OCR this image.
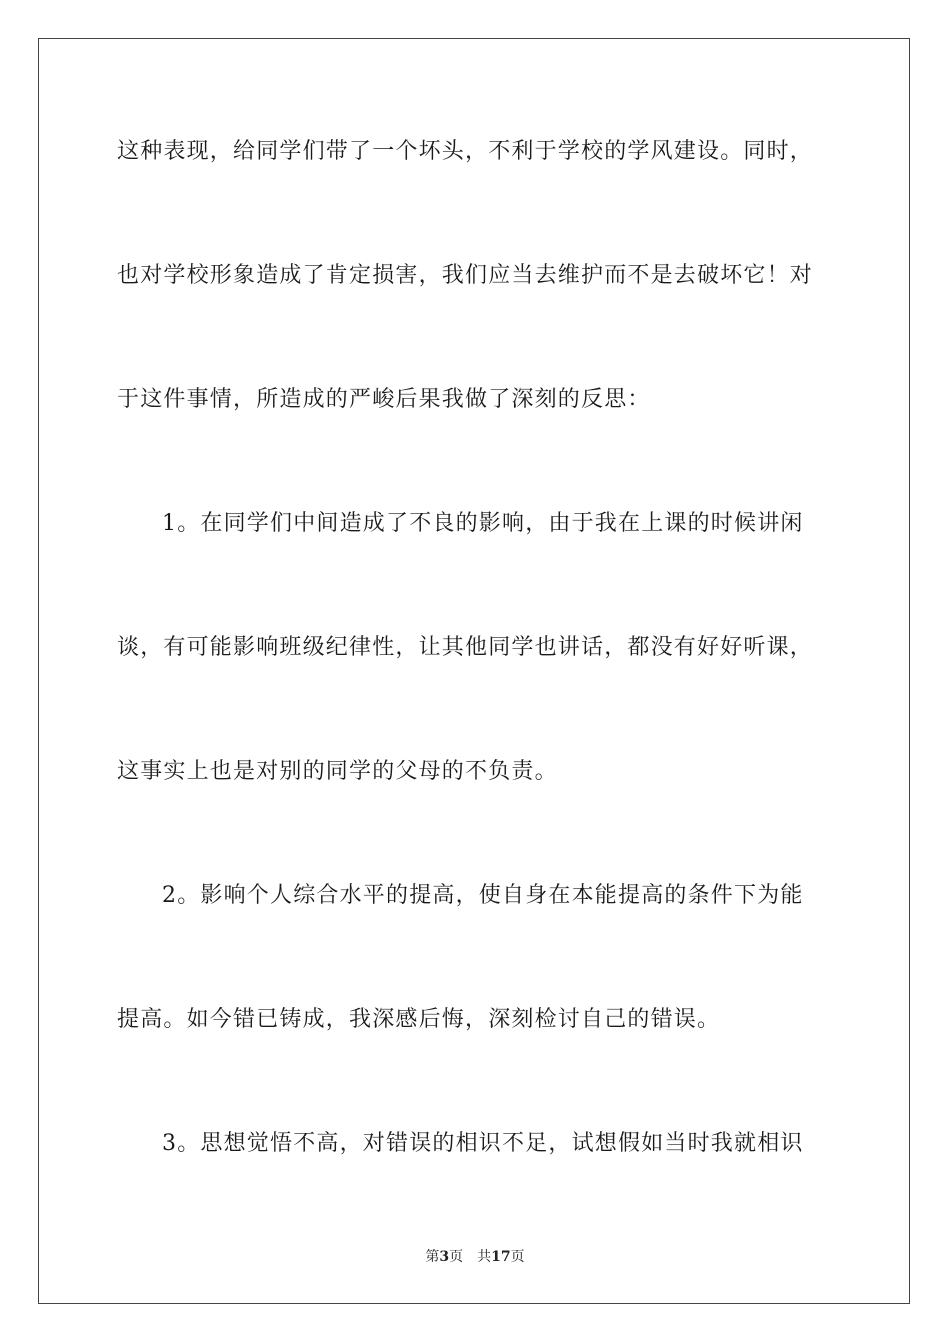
这种表现，给同学们带了一个坏头，不利于学校的学风建设。同时，
也对学校形象造成了肯定损害，我们应当去维护而不是去破坏它！对
于这件事情，所造成的严峻后果我做了深刻的反思：
1。在同学们中间造成了不良的影响，由于我在上课的时候讲闲
谈，有可能影响班级纪律性，让其他同学也讲话，都没有好好听课，
这事实上也是对别的同学的父母的不负责。
2。影响个人综合水平的提高，使自身在本能提高的条件下为能
提高。如今错已铸成，我深感后悔，深刻检讨自己的错误。
3。思想觉悟不高，对错误的相识不足，试想假如当时我就相识
第3页 共17页
